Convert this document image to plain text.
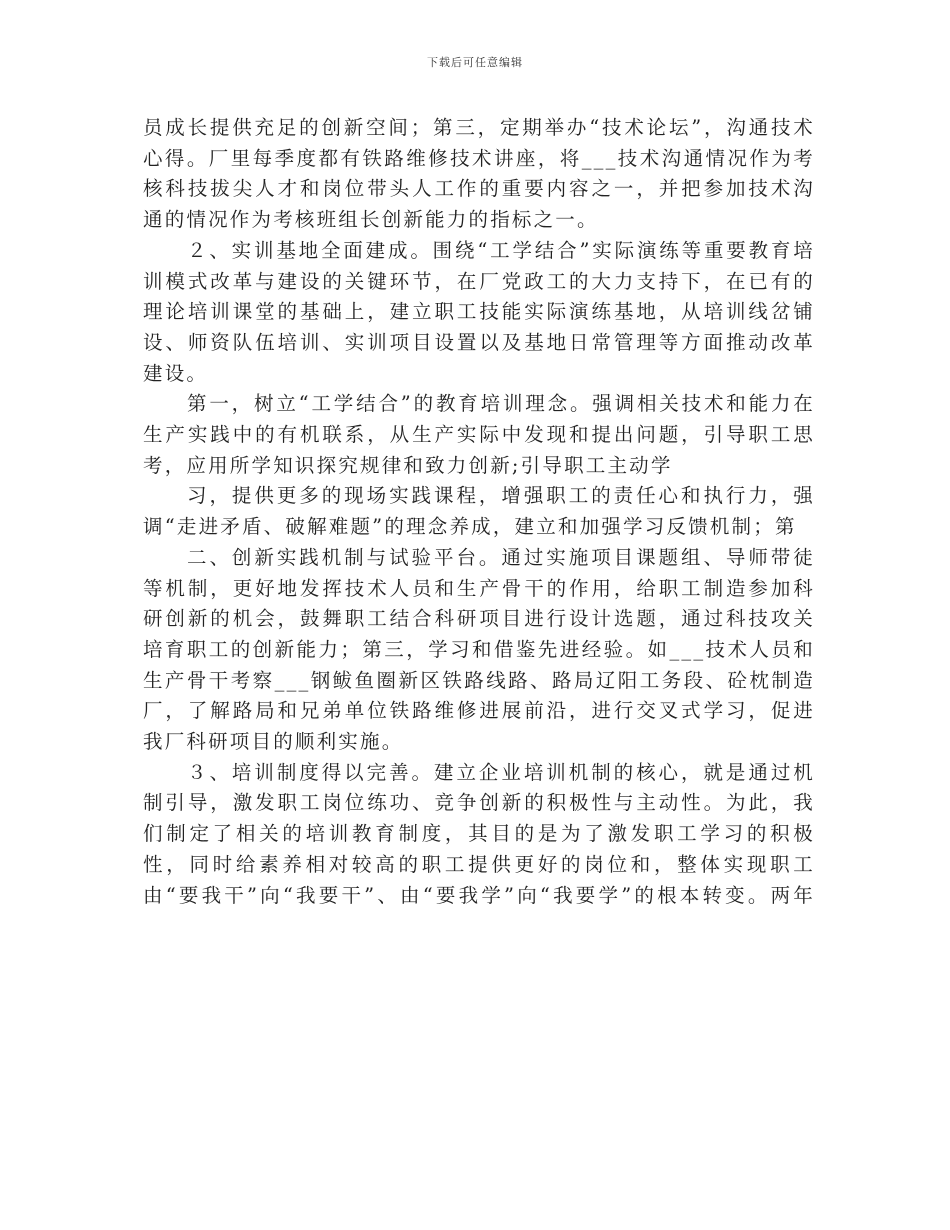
下载后可任意编辑

员成长提供充足的创新空间；第三，定期举办“技术论坛”，沟通技术心得。厂里每季度都有铁路维修技术讲座，将___技术沟通情况作为考核科技拔尖人才和岗位带头人工作的重要内容之一，并把参加技术沟通的情况作为考核班组长创新能力的指标之一。

２、实训基地全面建成。围绕“工学结合”实际演练等重要教育培训模式改革与建设的关键环节，在厂党政工的大力支持下，在已有的理论培训课堂的基础上，建立职工技能实际演练基地，从培训线岔铺设、师资队伍培训、实训项目设置以及基地日常管理等方面推动改革建设。

第一，树立“工学结合”的教育培训理念。强调相关技术和能力在生产实践中的有机联系，从生产实际中发现和提出问题，引导职工思考，应用所学知识探究规律和致力创新;引导职工主动学

习，提供更多的现场实践课程，增强职工的责任心和执行力，强调“走进矛盾、破解难题”的理念养成，建立和加强学习反馈机制；第

二、创新实践机制与试验平台。通过实施项目课题组、导师带徒等机制，更好地发挥技术人员和生产骨干的作用，给职工制造参加科研创新的机会，鼓舞职工结合科研项目进行设计选题，通过科技攻关培育职工的创新能力；第三，学习和借鉴先进经验。如___技术人员和生产骨干考察___钢鲅鱼圈新区铁路线路、路局辽阳工务段、砼枕制造厂，了解路局和兄弟单位铁路维修进展前沿，进行交叉式学习，促进我厂科研项目的顺利实施。

３、培训制度得以完善。建立企业培训机制的核心，就是通过机制引导，激发职工岗位练功、竞争创新的积极性与主动性。为此，我们制定了相关的培训教育制度，其目的是为了激发职工学习的积极性，同时给素养相对较高的职工提供更好的岗位和，整体实现职工由“要我干”向“我要干”、由“要我学”向“我要学”的根本转变。两年
